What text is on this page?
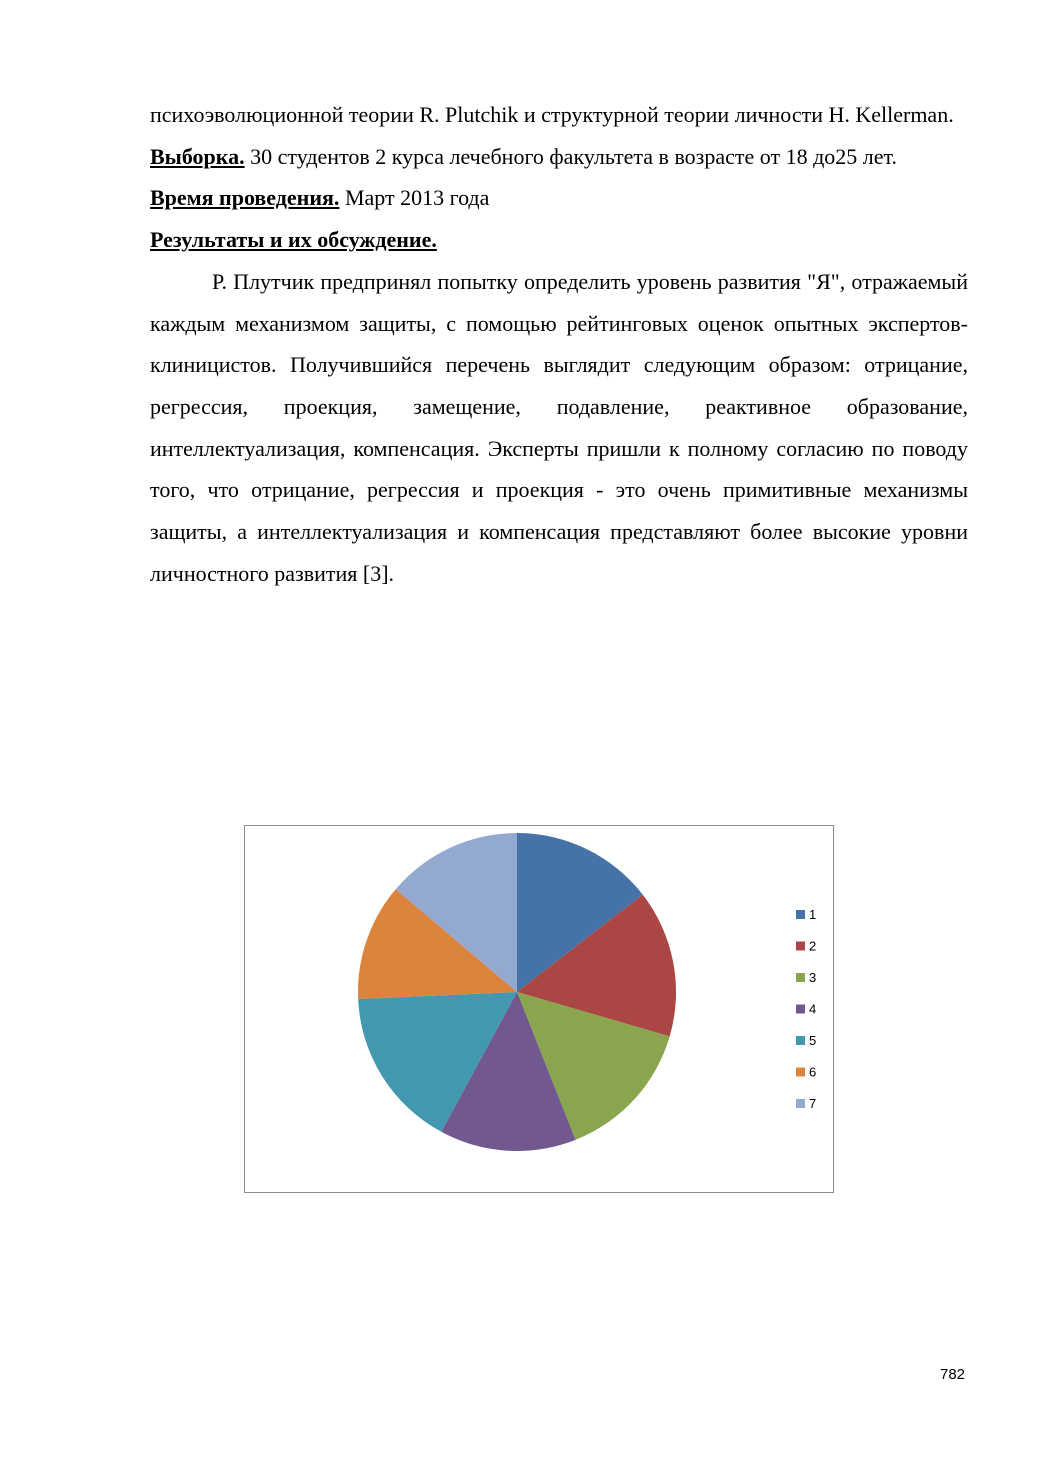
психоэволюционной теории R. Plutchik и структурной теории личности H. Kellerman.

Выборка. 30 студентов 2 курса лечебного факультета в возрасте от 18 до25 лет.

Время проведения. Март 2013 года

Результаты и их обсуждение.

Р. Плутчик предпринял попытку определить уровень развития "Я", отражаемый каждым механизмом защиты, с помощью рейтинговых оценок опытных экспертов-клиницистов. Получившийся перечень выглядит следующим образом: отрицание, регрессия, проекция, замещение, подавление, реактивное образование, интеллектуализация, компенсация. Эксперты пришли к полному согласию по поводу того, что отрицание, регрессия и проекция - это очень примитивные механизмы защиты, а интеллектуализация и компенсация представляют более высокие уровни личностного развития [3].

1
2
3
4
5
6
7
782
